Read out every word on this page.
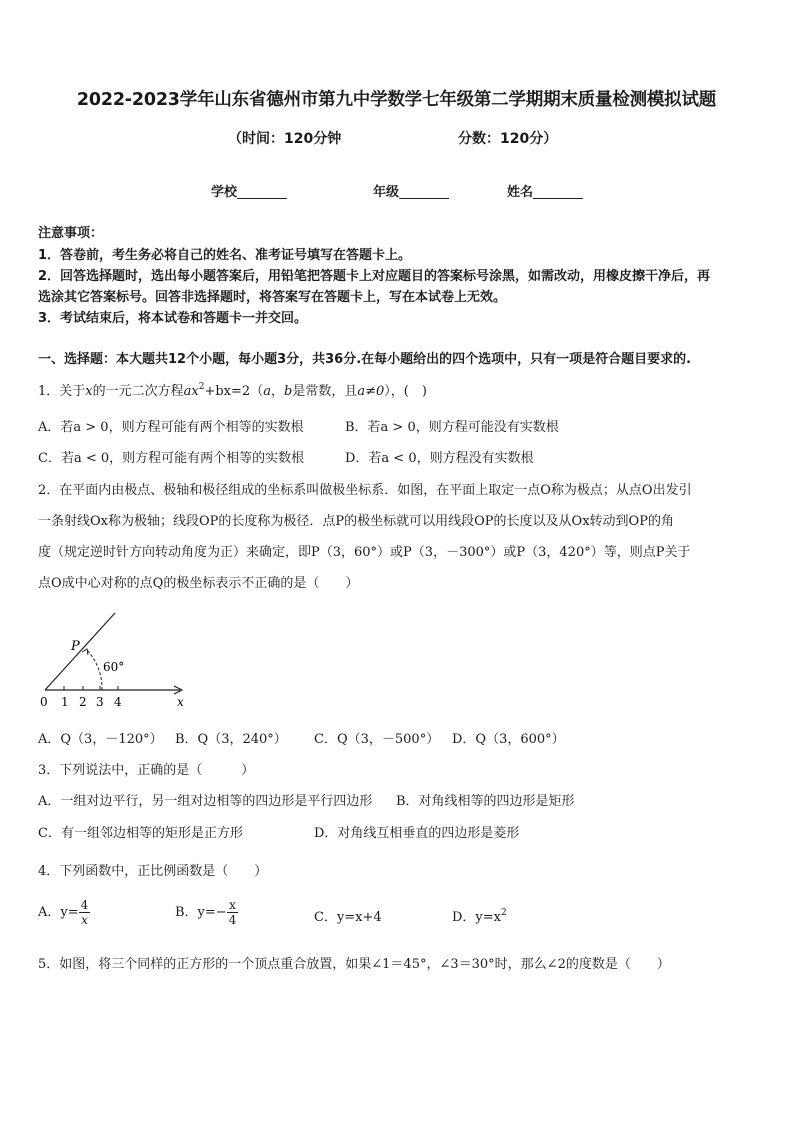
2022-2023学年山东省德州市第九中学数学七年级第二学期期末质量检测模拟试题
（时间：120分钟	分数：120分）
学校	年级	姓名
注意事项：
1．答卷前，考生务必将自己的姓名、准考证号填写在答题卡上。
2．回答选择题时，选出每小题答案后，用铅笔把答题卡上对应题目的答案标号涂黑，如需改动，用橡皮擦干净后，再
选涂其它答案标号。回答非选择题时，将答案写在答题卡上，写在本试卷上无效。
3．考试结束后，将本试卷和答题卡一并交回。
一、选择题：本大题共12个小题，每小题3分，共36分.在每小题给出的四个选项中，只有一项是符合题目要求的.
1．关于x的一元二次方程$ax^2+bx=2(a$，b是常数，且a≠0），(　)
A．若a > 0，则方程可能有两个相等的实数根	B．若a > 0，则方程可能没有实数根
C．若a < 0，则方程可能有两个相等的实数根	D．若a < 0，则方程没有实数根
2．在平面内由极点、极轴和极径组成的坐标系叫做极坐标系．如图，在平面上取定一点O称为极点；从点O出发引
一条射线Ox称为极轴；线段OP的长度称为极径．点P的极坐标就可以用线段OP的长度以及从Ox转动到OP的角
度（规定逆时针方向转动角度为正）来确定，即P（3，60°）或P（3，－300°）或P（3，420°）等，则点P关于
点O成中心对称的点Q的极坐标表示不正确的是（　　）
0 1 2 3 4	x
P
60°
A．Q（3，－120°） B．Q（3，240°） C．Q（3，－500°） D．Q（3，600°）
3．下列说法中，正确的是（　　　）
A．一组对边平行，另一组对边相等的四边形是平行四边形 B．对角线相等的四边形是矩形
C．有一组邻边相等的矩形是正方形	D．对角线互相垂直的四边形是菱形
4．下列函数中，正比例函数是（　　）
A．$y= \frac{4}{x}$	B．$y=- \frac{x}{4}$	C．y=x+4	D．$y=x^2$
5．如图，将三个同样的正方形的一个顶点重合放置，如果∠1＝45°，∠3＝30°时，那么∠2的度数是（　　）
